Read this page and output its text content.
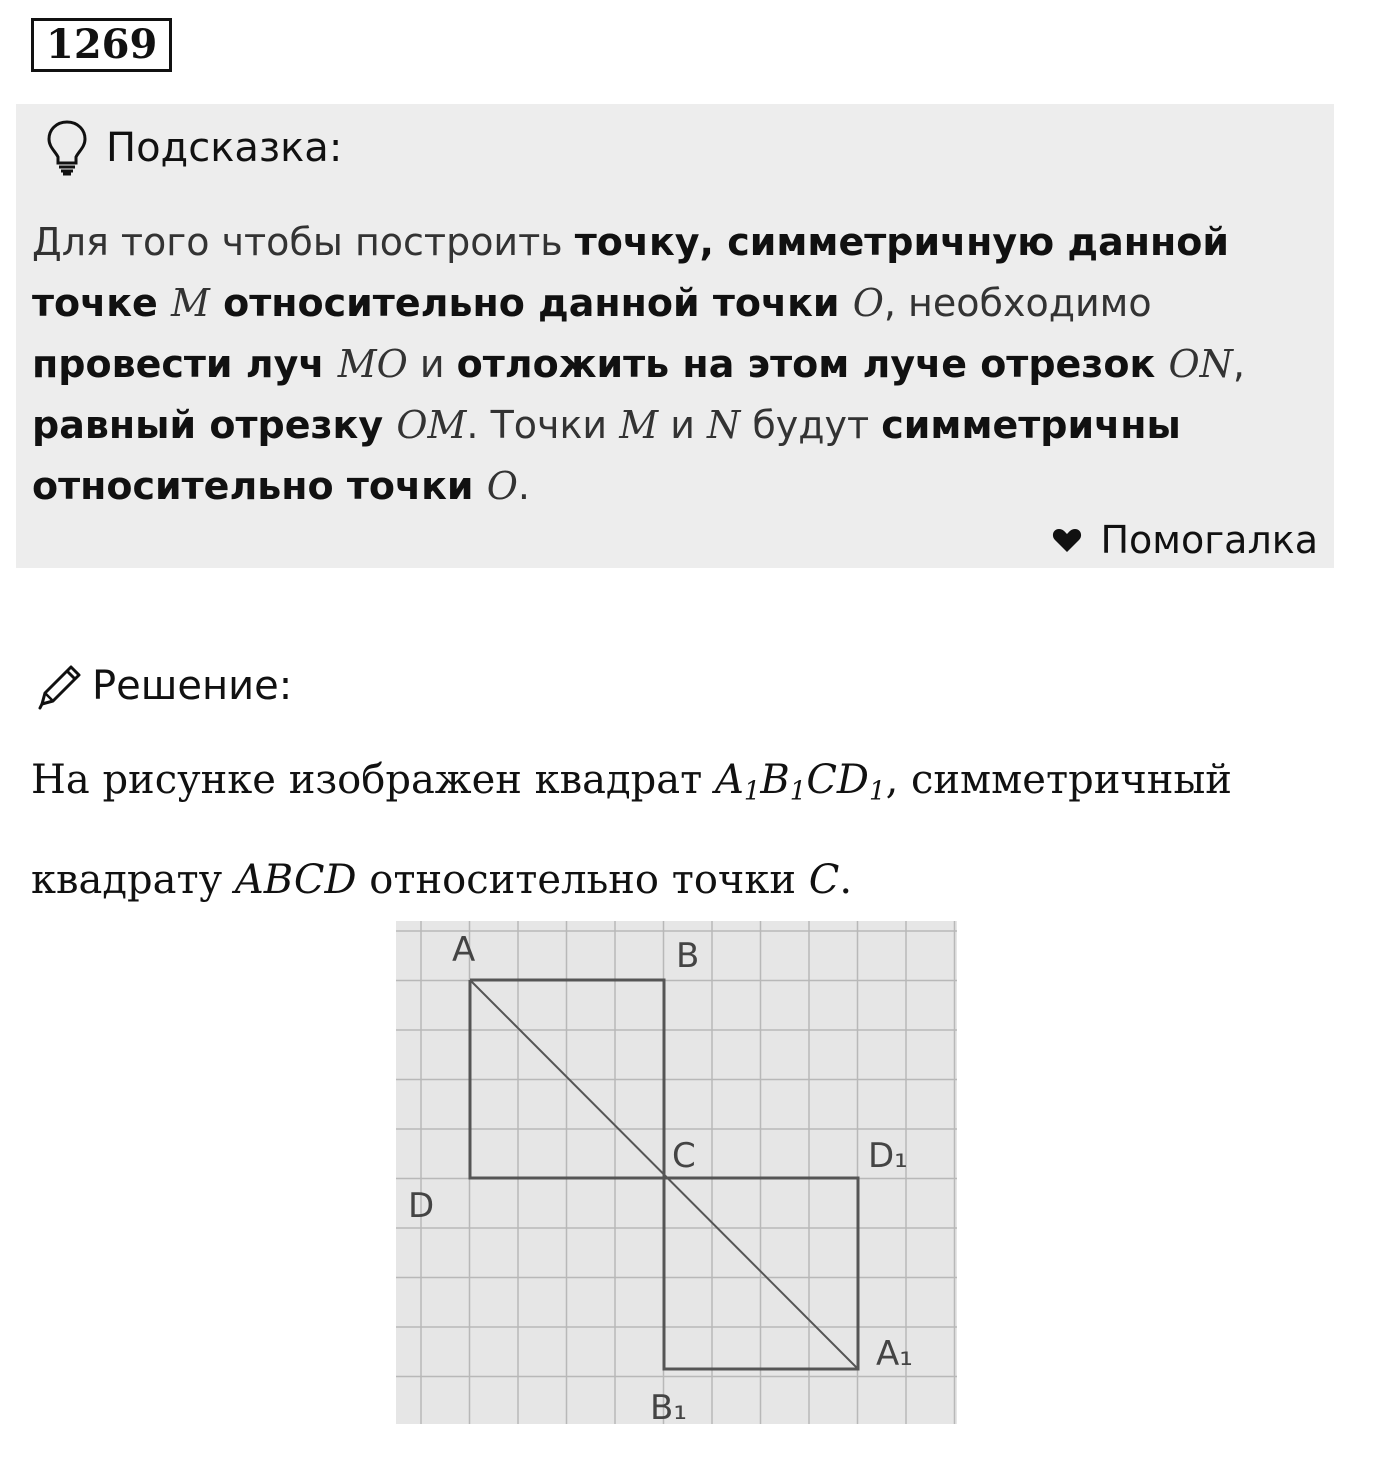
1269
Подсказка:
Для того чтобы построить точку, симметричную данной точке M относительно данной точки O, необходимо провести луч MO и отложить на этом луче отрезок ON, равный отрезку OM. Точки M и N будут симметричны относительно точки O.
Помогалка
Решение:
На рисунке изображен квадрат $A_1B_1CD_1$, симметричный квадрату ABCD относительно точки C.
A	B
C
D
D₁
A₁
B₁
